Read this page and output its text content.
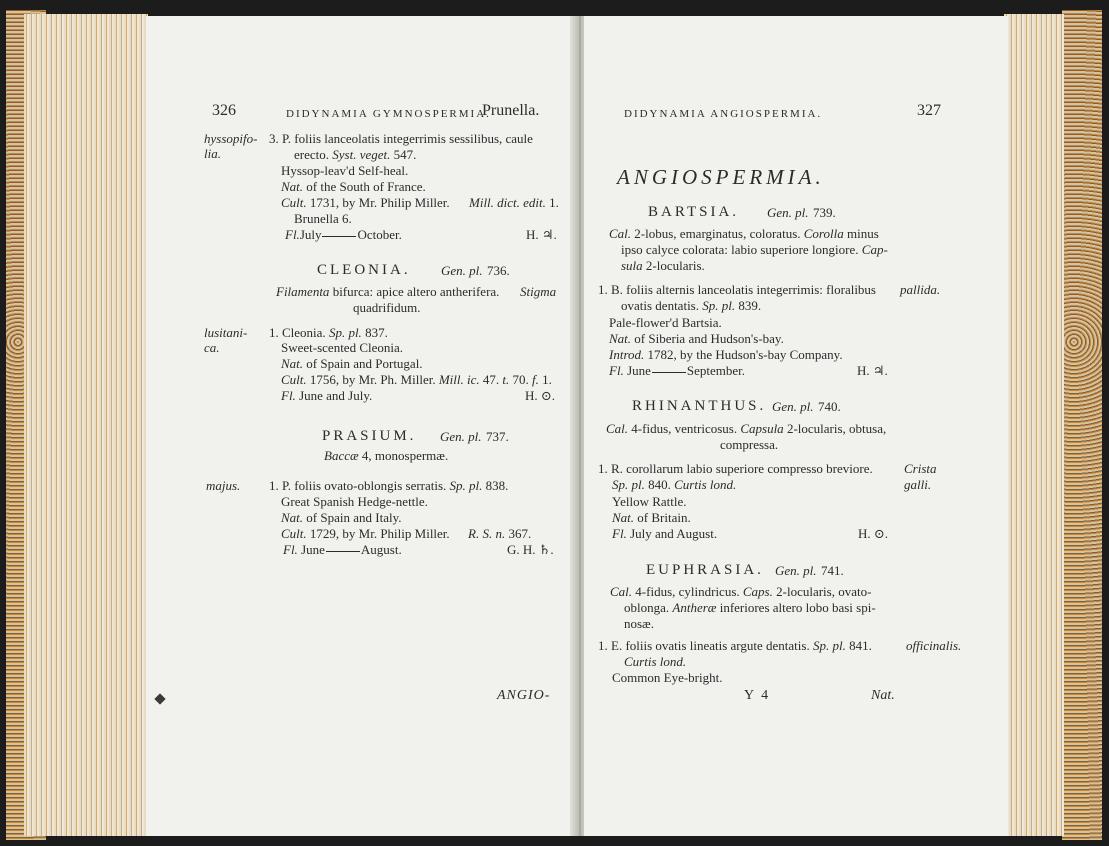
326	DIDYNAMIA GYMNOSPERMIA.
Prunella.
hyssopifo-
lia.
3. P. foliis lanceolatis integerrimis sessilibus, caule
erecto. Syst. veget. 547.
Hyssop-leav'd Self-heal.
Nat. of the South of France.
Cult. 1731, by Mr. Philip Miller. Mill. dict. edit. 1.
Brunella 6.
Fl.July	October.	H. ♃.
CLEONIA. Gen. pl. 736.
Filamenta bifurca: apice altero antherifera. Stigma
quadrifidum.
lusitani-
ca.
1. Cleonia. Sp. pl. 837.
Sweet-scented Cleonia.
Nat. of Spain and Portugal.
Cult. 1756, by Mr. Ph. Miller. Mill. ic. 47. t. 70. f. 1.
Fl. June and July.	H. ⊙.
PRASIUM. Gen. pl. 737.
Baccæ 4, monospermæ.
majus. 1. P. foliis ovato-oblongis serratis. Sp. pl. 838.
Great Spanish Hedge-nettle.
Nat. of Spain and Italy.
Cult. 1729, by Mr. Philip Miller. R. S. n. 367.
Fl. June	August.	G. H. ♄.
ANGIO-
DIDYNAMIA ANGIOSPERMIA.	327
ANGIOSPERMIA.
BARTSIA. Gen. pl. 739.
Cal. 2-lobus, emarginatus, coloratus. Corolla minus
ipso calyce colorata: labio superiore longiore. Cap-
sula 2-locularis.
1. B. foliis alternis lanceolatis integerrimis: floralibus pallida.
ovatis dentatis. Sp. pl. 839.
Pale-flower'd Bartsia.
Nat. of Siberia and Hudson's-bay.
Introd. 1782, by the Hudson's-bay Company.
Fl. June	September.	H. ♃.
RHINANTHUS. Gen. pl. 740.
Cal. 4-fidus, ventricosus. Capsula 2-locularis, obtusa,
compressa.
1. R. corollarum labio superiore compresso breviore. Crista
galli.
Sp. pl. 840. Curtis lond.
Yellow Rattle.
Nat. of Britain.
Fl. July and August.	H. ⊙.
EUPHRASIA. Gen. pl. 741.
Cal. 4-fidus, cylindricus. Caps. 2-locularis, ovato-
oblonga. Antheræ inferiores altero lobo basi spi-
nosæ.
1. E. foliis ovatis lineatis argute dentatis. Sp. pl. 841.	officinalis.
Curtis lond.
Common Eye-bright.
Y 4	Nat.
